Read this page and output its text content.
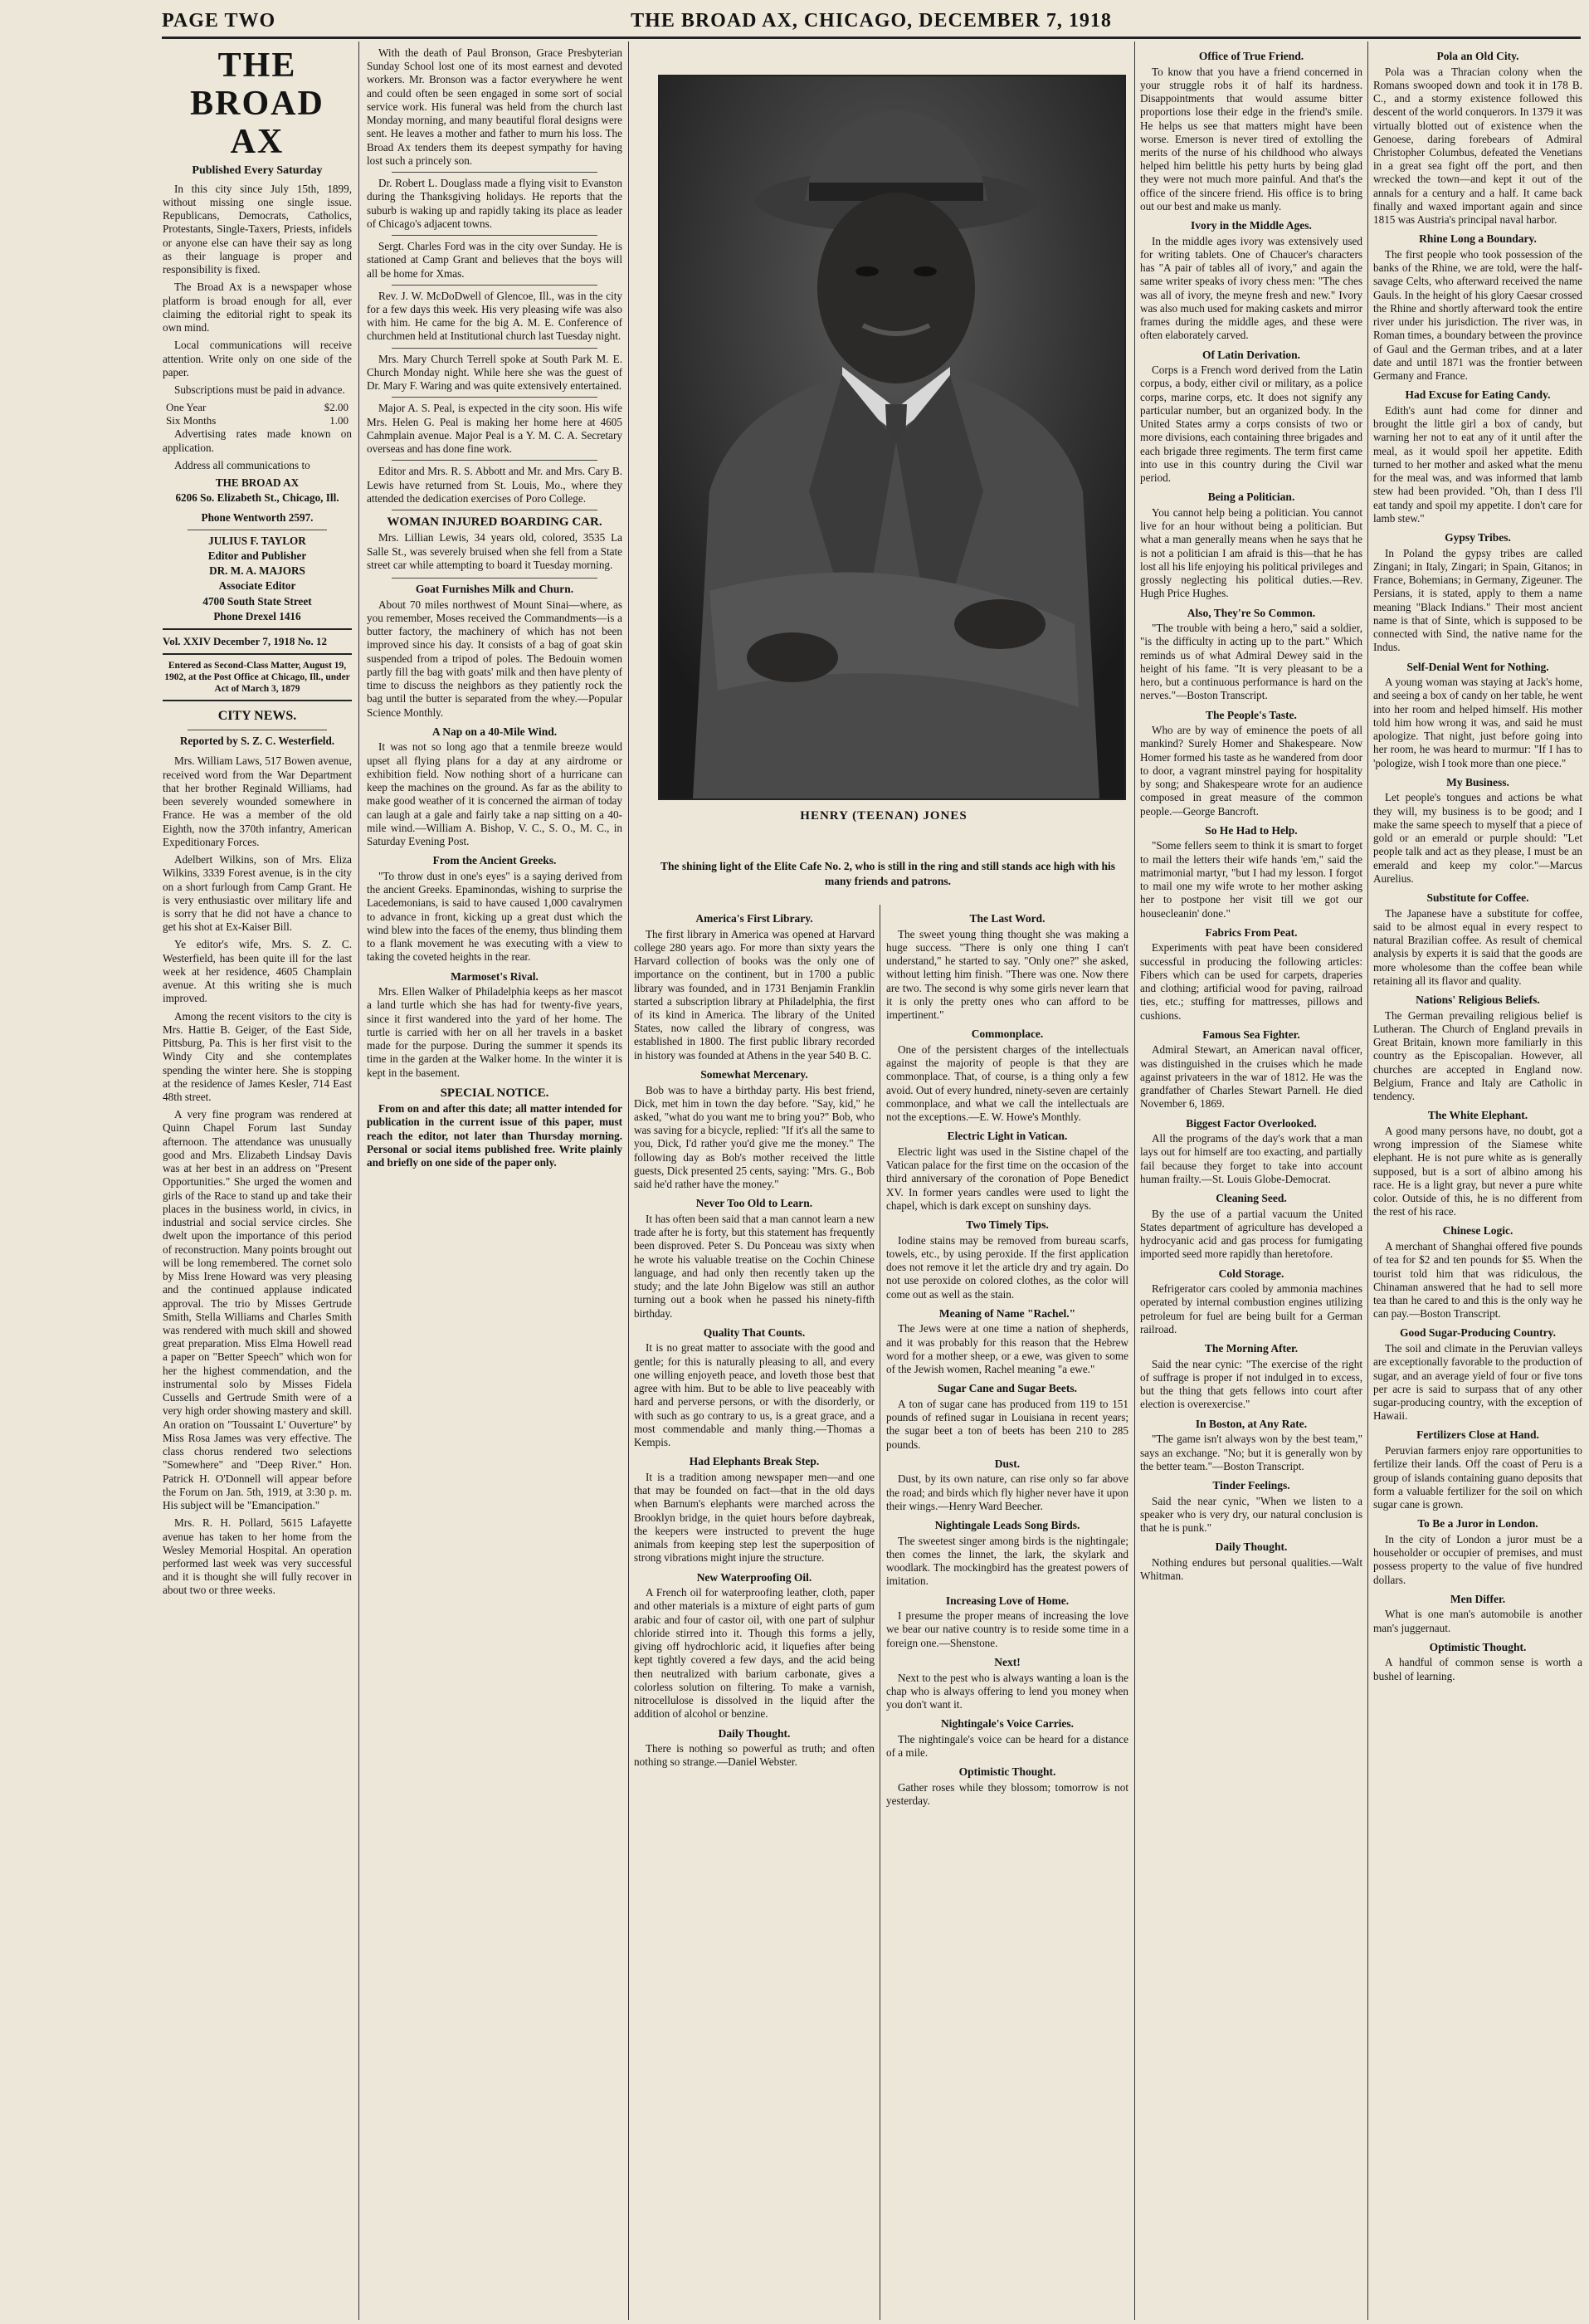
PAGE TWO	THE BROAD AX, CHICAGO, DECEMBER 7, 1918
THE BROAD AX
Published Every Saturday

In this city since July 15th, 1899, without missing one single issue. Republicans, Democrats, Catholics, Protestants, Single-Taxers, Priests, infidels or anyone else can have their say as long as their language is proper and responsibility is fixed.

The Broad Ax is a newspaper whose platform is broad enough for all, ever claiming the editorial right to speak its own mind.

Local communications will receive attention. Write only on one side of the paper.

Subscriptions must be paid in advance.

One Year	$2.00
Six Months	1.00

Advertising rates made known on application.

Address all communications to

THE BROAD AX
6206 So. Elizabeth St., Chicago, Ill.
Phone Wentworth 2597.
JULIUS F. TAYLOR
Editor and Publisher
DR. M. A. MAJORS
Associate Editor
4700 South State Street
Phone Drexel 1416
Vol. XXIV December 7, 1918 No. 12
Entered as Second-Class Matter, August 19, 1902, at the Post Office at Chicago, Ill., under Act of March 3, 1879
CITY NEWS.
Reported by S. Z. C. Westerfield.

Mrs. William Laws, 517 Bowen avenue, received word from the War Department that her brother Reginald Williams, had been severely wounded somewhere in France. He was a member of the old Eighth, now the 370th infantry, American Expeditionary Forces.

Adelbert Wilkins, son of Mrs. Eliza Wilkins, 3339 Forest avenue, is in the city on a short furlough from Camp Grant. He is very enthusiastic over military life and is sorry that he did not have a chance to get his shot at Ex-Kaiser Bill.

Ye editor's wife, Mrs. S. Z. C. Westerfield, has been quite ill for the last week at her residence, 4605 Champlain avenue. At this writing she is much improved.

Among the recent visitors to the city is Mrs. Hattie B. Geiger, of the East Side, Pittsburg, Pa. This is her first visit to the Windy City and she contemplates spending the winter here. She is stopping at the residence of James Kesler, 714 East 48th street.

A very fine program was rendered at Quinn Chapel Forum last Sunday afternoon. The attendance was unusually good and Mrs. Elizabeth Lindsay Davis was at her best in an address on "Present Opportunities." She urged the women and girls of the Race to stand up and take their places in the business world, in civics, in industrial and social service circles. She dwelt upon the importance of this period of reconstruction. Many points brought out will be long remembered. The cornet solo by Miss Irene Howard was very pleasing and the continued applause indicated approval. The trio by Misses Gertrude Smith, Stella Williams and Charles Smith was rendered with much skill and showed great preparation. Miss Elma Howell read a paper on "Better Speech" which won for her the highest commendation, and the instrumental solo by Misses Fidela Cussells and Gertrude Smith were of a very high order showing mastery and skill. An oration on "Toussaint L' Ouverture" by Miss Rosa James was very effective. The class chorus rendered two selections "Somewhere" and "Deep River." Hon. Patrick H. O'Donnell will appear before the Forum on Jan. 5th, 1919, at 3:30 p. m. His subject will be "Emancipation."

Mrs. R. H. Pollard, 5615 Lafayette avenue has taken to her home from the Wesley Memorial Hospital. An operation performed last week was very successful and it is thought she will fully recover in about two or three weeks.

With the death of Paul Bronson, Grace Presbyterian Sunday School lost one of its most earnest and devoted workers. Mr. Bronson was a factor everywhere he went and could often be seen engaged in some sort of social service work. His funeral was held from the church last Monday morning, and many beautiful floral designs were sent. He leaves a mother and father to murn his loss. The Broad Ax tenders them its deepest sympathy for having lost such a princely son.

Dr. Robert L. Douglass made a flying visit to Evanston during the Thanksgiving holidays. He reports that the suburb is waking up and rapidly taking its place as leader of Chicago's adjacent towns.

Sergt. Charles Ford was in the city over Sunday. He is stationed at Camp Grant and believes that the boys will all be home for Xmas.

Rev. J. W. McDoDwell of Glencoe, Ill., was in the city for a few days this week. His very pleasing wife was also with him. He came for the big A. M. E. Conference of churchmen held at Institutional church last Tuesday night.

Mrs. Mary Church Terrell spoke at South Park M. E. Church Monday night. While here she was the guest of Dr. Mary F. Waring and was quite extensively entertained.

Major A. S. Peal, is expected in the city soon. His wife Mrs. Helen G. Peal is making her home here at 4605 Cahmplain avenue. Major Peal is a Y. M. C. A. Secretary overseas and has done fine work.

Editor and Mrs. R. S. Abbott and Mr. and Mrs. Cary B. Lewis have returned from St. Louis, Mo., where they attended the dedication exercises of Poro College.

WOMAN INJURED BOARDING CAR.

Mrs. Lillian Lewis, 34 years old, colored, 3535 La Salle St., was severely bruised when she fell from a State street car while attempting to board it Tuesday morning.

Goat Furnishes Milk and Churn.

About 70 miles northwest of Mount Sinai—where, as you remember, Moses received the Commandments—is a butter factory, the machinery of which has not been improved since his day. It consists of a bag of goat skin suspended from a tripod of poles. The Bedouin women partly fill the bag with goats' milk and then have plenty of time to discuss the neighbors as they patiently rock the bag until the butter is separated from the whey.—Popular Science Monthly.

A Nap on a 40-Mile Wind.

It was not so long ago that a tenmile breeze would upset all flying plans for a day at any airdrome or exhibition field. Now nothing short of a hurricane can keep the machines on the ground. As far as the ability to make good weather of it is concerned the airman of today can laugh at a gale and fairly take a nap sitting on a 40-mile wind.—William A. Bishop, V. C., S. O., M. C., in Saturday Evening Post.

From the Ancient Greeks.

"To throw dust in one's eyes" is a saying derived from the ancient Greeks. Epaminondas, wishing to surprise the Lacedemonians, is said to have caused 1,000 cavalrymen to advance in front, kicking up a great dust which the wind blew into the faces of the enemy, thus blinding them to a flank movement he was executing with a view to taking the coveted heights in the rear.

Marmoset's Rival.

Mrs. Ellen Walker of Philadelphia keeps as her mascot a land turtle which she has had for twenty-five years, since it first wandered into the yard of her home. The turtle is carried with her on all her travels in a basket made for the purpose. During the summer it spends its time in the garden at the Walker home. In the winter it is kept in the basement.

SPECIAL NOTICE.

From on and after this date; all matter intended for publication in the current issue of this paper, must reach the editor, not later than Thursday morning. Personal or social items published free. Write plainly and briefly on one side of the paper only.

HENRY (TEENAN) JONES
The shining light of the Elite Cafe No. 2, who is still in the ring and still stands ace high with his many friends and patrons.
America's First Library.

The first library in America was opened at Harvard college 280 years ago. For more than sixty years the Harvard collection of books was the only one of importance on the continent, but in 1700 a public library was founded, and in 1731 Benjamin Franklin started a subscription library at Philadelphia, the first of its kind in America. The library of the United States, now called the library of congress, was established in 1800. The first public library recorded in history was founded at Athens in the year 540 B. C.

Somewhat Mercenary.

Bob was to have a birthday party. His best friend, Dick, met him in town the day before. "Say, kid," he asked, "what do you want me to bring you?" Bob, who was saving for a bicycle, replied: "If it's all the same to you, Dick, I'd rather you'd give me the money." The following day as Bob's mother received the little guests, Dick presented 25 cents, saying: "Mrs. G., Bob said he'd rather have the money."

Never Too Old to Learn.

It has often been said that a man cannot learn a new trade after he is forty, but this statement has frequently been disproved. Peter S. Du Ponceau was sixty when he wrote his valuable treatise on the Cochin Chinese language, and had only then recently taken up the study; and the late John Bigelow was still an author turning out a book when he passed his ninety-fifth birthday.

Quality That Counts.

It is no great matter to associate with the good and gentle; for this is naturally pleasing to all, and every one willing enjoyeth peace, and loveth those best that agree with him. But to be able to live peaceably with hard and perverse persons, or with the disorderly, or with such as go contrary to us, is a great grace, and a most commendable and manly thing.—Thomas a Kempis.

Had Elephants Break Step.

It is a tradition among newspaper men—and one that may be founded on fact—that in the old days when Barnum's elephants were marched across the Brooklyn bridge, in the quiet hours before daybreak, the keepers were instructed to prevent the huge animals from keeping step lest the superposition of strong vibrations might injure the structure.

New Waterproofing Oil.

A French oil for waterproofing leather, cloth, paper and other materials is a mixture of eight parts of gum arabic and four of castor oil, with one part of sulphur chloride stirred into it. Though this forms a jelly, giving off hydrochloric acid, it liquefies after being kept tightly covered a few days, and the acid being then neutralized with barium carbonate, gives a colorless solution on filtering. To make a varnish, nitrocellulose is dissolved in the liquid after the addition of alcohol or benzine.

Daily Thought.

There is nothing so powerful as truth; and often nothing so strange.—Daniel Webster.

The Last Word.

The sweet young thing thought she was making a huge success. "There is only one thing I can't understand," he started to say. "Only one?" she asked, without letting him finish. "There was one. Now there are two. The second is why some girls never learn that it is only the pretty ones who can afford to be impertinent."

Commonplace.

One of the persistent charges of the intellectuals against the majority of people is that they are commonplace. That, of course, is a thing only a few avoid. Out of every hundred, ninety-seven are certainly commonplace, and what we call the intellectuals are not the exceptions.—E. W. Howe's Monthly.

Electric Light in Vatican.

Electric light was used in the Sistine chapel of the Vatican palace for the first time on the occasion of the third anniversary of the coronation of Pope Benedict XV. In former years candles were used to light the chapel, which is dark except on sunshiny days.

Two Timely Tips.

Iodine stains may be removed from bureau scarfs, towels, etc., by using peroxide. If the first application does not remove it let the article dry and try again. Do not use peroxide on colored clothes, as the color will come out as well as the stain.

Meaning of Name "Rachel."

The Jews were at one time a nation of shepherds, and it was probably for this reason that the Hebrew word for a mother sheep, or a ewe, was given to some of the Jewish women, Rachel meaning "a ewe."

Sugar Cane and Sugar Beets.

A ton of sugar cane has produced from 119 to 151 pounds of refined sugar in Louisiana in recent years; the sugar beet a ton of beets has been 210 to 285 pounds.

Dust.

Dust, by its own nature, can rise only so far above the road; and birds which fly higher never have it upon their wings.—Henry Ward Beecher.

Nightingale Leads Song Birds.

The sweetest singer among birds is the nightingale; then comes the linnet, the lark, the skylark and woodlark. The mockingbird has the greatest powers of imitation.

Increasing Love of Home.

I presume the proper means of increasing the love we bear our native country is to reside some time in a foreign one.—Shenstone.

Next!

Next to the pest who is always wanting a loan is the chap who is always offering to lend you money when you don't want it.

Nightingale's Voice Carries.

The nightingale's voice can be heard for a distance of a mile.

Optimistic Thought.

Gather roses while they blossom; tomorrow is not yesterday.

Office of True Friend.

To know that you have a friend concerned in your struggle robs it of half its hardness. Disappointments that would assume bitter proportions lose their edge in the friend's smile. He helps us see that matters might have been worse. Emerson is never tired of extolling the merits of the nurse of his childhood who always helped him belittle his petty hurts by being glad they were not much more painful. And that's the office of the sincere friend. His office is to bring out our best and make us manly.

Ivory in the Middle Ages.

In the middle ages ivory was extensively used for writing tablets. One of Chaucer's characters has "A pair of tables all of ivory," and again the same writer speaks of ivory chess men: "The ches was all of ivory, the meyne fresh and new." Ivory was also much used for making caskets and mirror frames during the middle ages, and these were often elaborately carved.

Of Latin Derivation.

Corps is a French word derived from the Latin corpus, a body, either civil or military, as a police corps, marine corps, etc. It does not signify any particular number, but an organized body. In the United States army a corps consists of two or more divisions, each containing three brigades and each brigade three regiments. The term first came into use in this country during the Civil war period.

Being a Politician.

You cannot help being a politician. You cannot live for an hour without being a politician. But what a man generally means when he says that he is not a politician I am afraid is this—that he has lost all his life enjoying his political privileges and grossly neglecting his political duties.—Rev. Hugh Price Hughes.

Also, They're So Common.

"The trouble with being a hero," said a soldier, "is the difficulty in acting up to the part." Which reminds us of what Admiral Dewey said in the height of his fame. "It is very pleasant to be a hero, but a continuous performance is hard on the nerves."—Boston Transcript.

The People's Taste.

Who are by way of eminence the poets of all mankind? Surely Homer and Shakespeare. Now Homer formed his taste as he wandered from door to door, a vagrant minstrel paying for hospitality by song; and Shakespeare wrote for an audience composed in great measure of the common people.—George Bancroft.

So He Had to Help.

"Some fellers seem to think it is smart to forget to mail the letters their wife hands 'em," said the matrimonial martyr, "but I had my lesson. I forgot to mail one my wife wrote to her mother asking her to postpone her visit till we got our housecleanin' done."

Fabrics From Peat.

Experiments with peat have been considered successful in producing the following articles: Fibers which can be used for carpets, draperies and clothing; artificial wood for paving, railroad ties, etc.; stuffing for mattresses, pillows and cushions.

Famous Sea Fighter.

Admiral Stewart, an American naval officer, was distinguished in the cruises which he made against privateers in the war of 1812. He was the grandfather of Charles Stewart Parnell. He died November 6, 1869.

Biggest Factor Overlooked.

All the programs of the day's work that a man lays out for himself are too exacting, and partially fail because they forget to take into account human frailty.—St. Louis Globe-Democrat.

Cleaning Seed.

By the use of a partial vacuum the United States department of agriculture has developed a hydrocyanic acid and gas process for fumigating imported seed more rapidly than heretofore.

Cold Storage.

Refrigerator cars cooled by ammonia machines operated by internal combustion engines utilizing petroleum for fuel are being built for a German railroad.

The Morning After.

Said the near cynic: "The exercise of the right of suffrage is proper if not indulged in to excess, but the thing that gets fellows into court after election is overexercise."

In Boston, at Any Rate.

"The game isn't always won by the best team," says an exchange. "No; but it is generally won by the better team."—Boston Transcript.

Tinder Feelings.

Said the near cynic, "When we listen to a speaker who is very dry, our natural conclusion is that he is punk."

Daily Thought.

Nothing endures but personal qualities.—Walt Whitman.

Pola an Old City.

Pola was a Thracian colony when the Romans swooped down and took it in 178 B. C., and a stormy existence followed this descent of the world conquerors. In 1379 it was virtually blotted out of existence when the Genoese, daring forebears of Admiral Christopher Columbus, defeated the Venetians in a great sea fight off the port, and then wrecked the town—and kept it out of the annals for a century and a half. It came back finally and waxed important again and since 1815 was Austria's principal naval harbor.

Rhine Long a Boundary.

The first people who took possession of the banks of the Rhine, we are told, were the half-savage Celts, who afterward received the name Gauls. In the height of his glory Caesar crossed the Rhine and shortly afterward took the entire river under his jurisdiction. The river was, in Roman times, a boundary between the province of Gaul and the German tribes, and at a later date and until 1871 was the frontier between Germany and France.

Had Excuse for Eating Candy.

Edith's aunt had come for dinner and brought the little girl a box of candy, but warning her not to eat any of it until after the meal, as it would spoil her appetite. Edith turned to her mother and asked what the menu for the meal was, and was informed that lamb stew had been provided. "Oh, than I dess I'll eat tandy and spoil my appetite. I don't care for lamb stew."

Gypsy Tribes.

In Poland the gypsy tribes are called Zingani; in Italy, Zingari; in Spain, Gitanos; in France, Bohemians; in Germany, Zigeuner. The Persians, it is stated, apply to them a name meaning "Black Indians." Their most ancient name is that of Sinte, which is supposed to be connected with Sind, the native name for the Indus.

Self-Denial Went for Nothing.

A young woman was staying at Jack's home, and seeing a box of candy on her table, he went into her room and helped himself. His mother told him how wrong it was, and said he must apologize. That night, just before going into her room, he was heard to murmur: "If I has to 'pologize, wish I took more than one piece."

My Business.

Let people's tongues and actions be what they will, my business is to be good; and I make the same speech to myself that a piece of gold or an emerald or purple should: "Let people talk and act as they please, I must be an emerald and keep my color."—Marcus Aurelius.

Substitute for Coffee.

The Japanese have a substitute for coffee, said to be almost equal in every respect to natural Brazilian coffee. As result of chemical analysis by experts it is said that the goods are more wholesome than the coffee bean while retaining all its flavor and quality.

Nations' Religious Beliefs.

The German prevailing religious belief is Lutheran. The Church of England prevails in Great Britain, known more familiarly in this country as the Episcopalian. However, all churches are accepted in England now. Belgium, France and Italy are Catholic in tendency.

The White Elephant.

A good many persons have, no doubt, got a wrong impression of the Siamese white elephant. He is not pure white as is generally supposed, but is a sort of albino among his race. He is a light gray, but never a pure white color. Outside of this, he is no different from the rest of his race.

Chinese Logic.

A merchant of Shanghai offered five pounds of tea for $2 and ten pounds for $5. When the tourist told him that was ridiculous, the Chinaman answered that he had to sell more tea than he cared to and this is the only way he can pay.—Boston Transcript.

Good Sugar-Producing Country.

The soil and climate in the Peruvian valleys are exceptionally favorable to the production of sugar, and an average yield of four or five tons per acre is said to surpass that of any other sugar-producing country, with the exception of Hawaii.

Fertilizers Close at Hand.

Peruvian farmers enjoy rare opportunities to fertilize their lands. Off the coast of Peru is a group of islands containing guano deposits that form a valuable fertilizer for the soil on which sugar cane is grown.

To Be a Juror in London.

In the city of London a juror must be a householder or occupier of premises, and must possess property to the value of five hundred dollars.

Men Differ.

What is one man's automobile is another man's juggernaut.

Optimistic Thought.

A handful of common sense is worth a bushel of learning.
